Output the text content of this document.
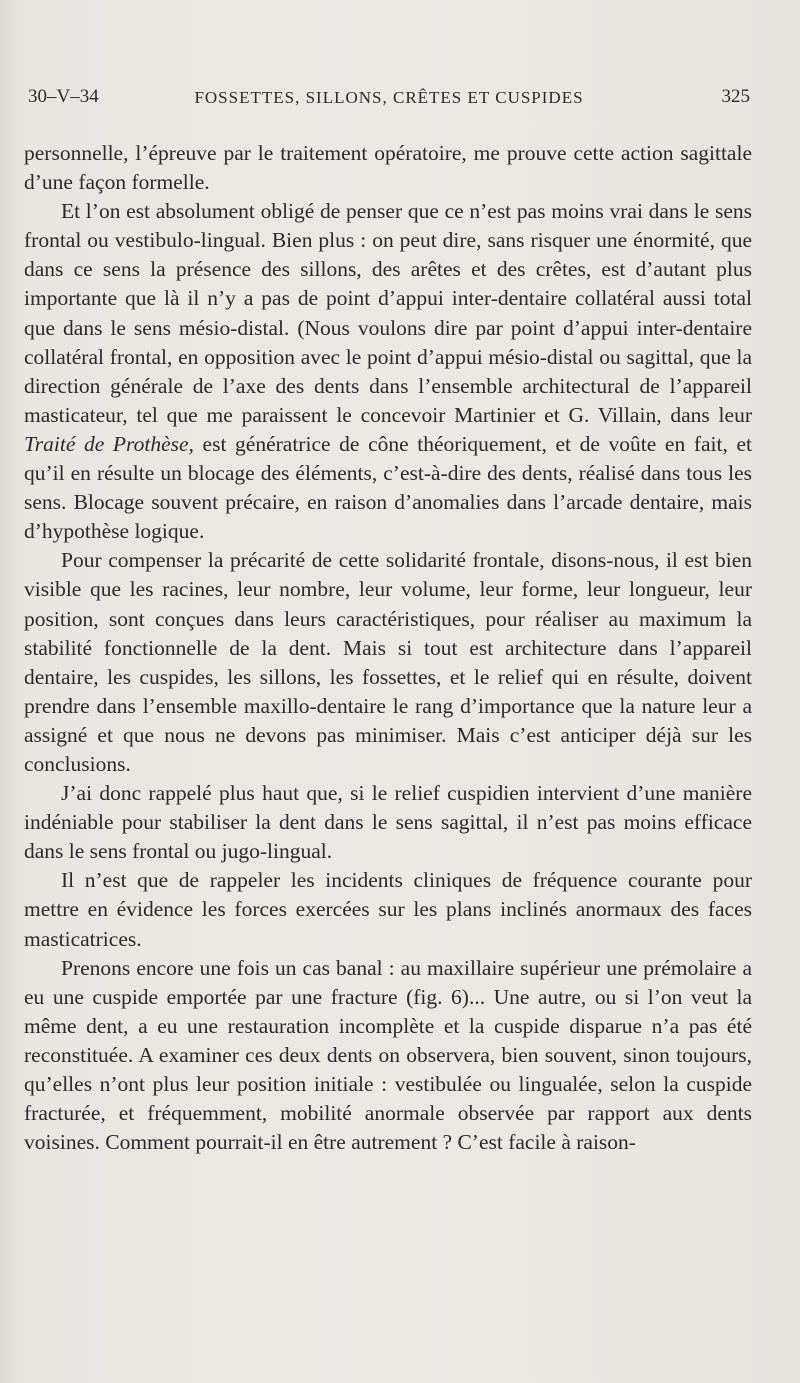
30–V–34	FOSSETTES, SILLONS, CRÊTES ET CUSPIDES	325

personnelle, l’épreuve par le traitement opératoire, me prouve cette action sagittale d’une façon formelle.

Et l’on est absolument obligé de penser que ce n’est pas moins vrai dans le sens frontal ou vestibulo-lingual. Bien plus : on peut dire, sans risquer une énormité, que dans ce sens la présence des sillons, des arêtes et des crêtes, est d’autant plus importante que là il n’y a pas de point d’appui inter-dentaire collatéral aussi total que dans le sens mésio-distal. (Nous voulons dire par point d’appui inter-dentaire collatéral frontal, en opposition avec le point d’appui mésio-distal ou sagittal, que la direction générale de l’axe des dents dans l’ensemble architectural de l’appareil masticateur, tel que me paraissent le concevoir Martinier et G. Villain, dans leur Traité de Prothèse, est génératrice de cône théoriquement, et de voûte en fait, et qu’il en résulte un blocage des éléments, c’est-à-dire des dents, réalisé dans tous les sens. Blocage souvent précaire, en raison d’anomalies dans l’arcade dentaire, mais d’hypothèse logique.

Pour compenser la précarité de cette solidarité frontale, disons-nous, il est bien visible que les racines, leur nombre, leur volume, leur forme, leur longueur, leur position, sont conçues dans leurs caractéristiques, pour réaliser au maximum la stabilité fonctionnelle de la dent. Mais si tout est architecture dans l’appareil dentaire, les cuspides, les sillons, les fossettes, et le relief qui en résulte, doivent prendre dans l’ensemble maxillo-dentaire le rang d’importance que la nature leur a assigné et que nous ne devons pas minimiser. Mais c’est anticiper déjà sur les conclusions.

J’ai donc rappelé plus haut que, si le relief cuspidien intervient d’une manière indéniable pour stabiliser la dent dans le sens sagittal, il n’est pas moins efficace dans le sens frontal ou jugo-lingual.

Il n’est que de rappeler les incidents cliniques de fréquence courante pour mettre en évidence les forces exercées sur les plans inclinés anormaux des faces masticatrices.

Prenons encore une fois un cas banal : au maxillaire supérieur une prémolaire a eu une cuspide emportée par une fracture (fig. 6)... Une autre, ou si l’on veut la même dent, a eu une restauration incomplète et la cuspide disparue n’a pas été reconstituée. A examiner ces deux dents on observera, bien souvent, sinon toujours, qu’elles n’ont plus leur position initiale : vestibulée ou lingualée, selon la cuspide fracturée, et fréquemment, mobilité anormale observée par rapport aux dents voisines. Comment pourrait-il en être autrement ? C’est facile à raison-
